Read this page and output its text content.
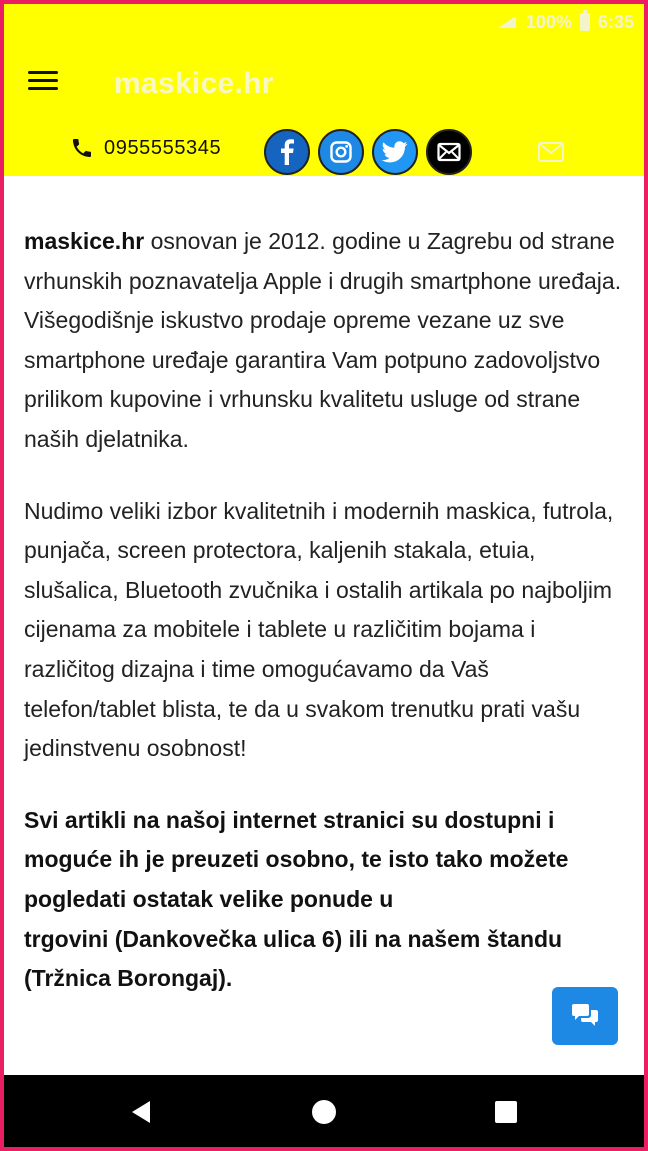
100% 6:35
maskice.hr
0955555345

maskice.hr osnovan je 2012. godine u Zagrebu od strane vrhunskih poznavatelja Apple i drugih smartphone uređaja. Višegodišnje iskustvo prodaje opreme vezane uz sve smartphone uređaje garantira Vam potpuno zadovoljstvo prilikom kupovine i vrhunsku kvalitetu usluge od strane naših djelatnika.

Nudimo veliki izbor kvalitetnih i modernih maskica, futrola, punjača, screen protectora, kaljenih stakala, etuia, slušalica, Bluetooth zvučnika i ostalih artikala po najboljim cijenama za mobitele i tablete u različitim bojama i različitog dizajna i time omogućavamo da Vaš telefon/tablet blista, te da u svakom trenutku prati vašu jedinstvenu osobnost!

Svi artikli na našoj internet stranici su dostupni i moguće ih je preuzeti osobno, te isto tako možete pogledati ostatak velike ponude u
trgovini (Dankovečka ulica 6) ili na našem štandu (Tržnica Borongaj).
